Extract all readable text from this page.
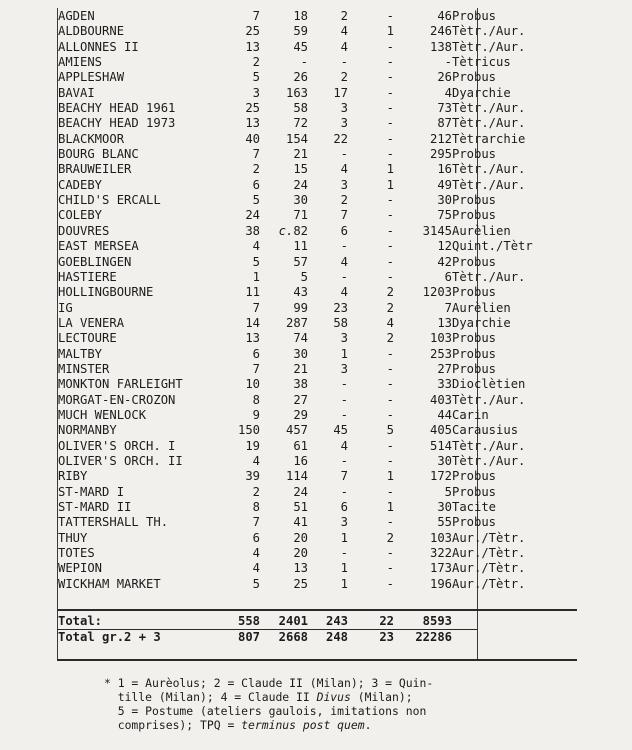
AGDEN	7	18	2	-	46	Probus
ALDBOURNE	25	59	4	1	246	Tètr./Aur.
ALLONNES II	13	45	4	-	138	Tètr./Aur.
AMIENS	2	-	-	-	-	Tètricus
APPLESHAW	5	26	2	-	26	Probus
BAVAI	3	163	17	-	4	Dyarchie
BEACHY HEAD 1961	25	58	3	-	73	Tètr./Aur.
BEACHY HEAD 1973	13	72	3	-	87	Tètr./Aur.
BLACKMOOR	40	154	22	-	212	Tètrarchie
BOURG BLANC	7	21	-	-	295	Probus
BRAUWEILER	2	15	4	1	16	Tètr./Aur.
CADEBY	6	24	3	1	49	Tètr./Aur.
CHILD'S ERCALL	5	30	2	-	30	Probus
COLEBY	24	71	7	-	75	Probus
DOUVRES	38	c.82	6	-	3145	Aurèlien
EAST MERSEA	4	11	-	-	12	Quint./Tètr
GOEBLINGEN	5	57	4	-	42	Probus
HASTIERE	1	5	-	-	6	Tètr./Aur.
HOLLINGBOURNE	11	43	4	2	1203	Probus
IG	7	99	23	2	7	Aurèlien
LA VENERA	14	287	58	4	13	Dyarchie
LECTOURE	13	74	3	2	103	Probus
MALTBY	6	30	1	-	253	Probus
MINSTER	7	21	3	-	27	Probus
MONKTON FARLEIGHT	10	38	-	-	33	Dioclètien
MORGAT-EN-CROZON	8	27	-	-	403	Tètr./Aur.
MUCH WENLOCK	9	29	-	-	44	Carin
NORMANBY	150	457	45	5	405	Carausius
OLIVER'S ORCH. I	19	61	4	-	514	Tètr./Aur.
OLIVER'S ORCH. II	4	16	-	-	30	Tètr./Aur.
RIBY	39	114	7	1	172	Probus
ST-MARD I	2	24	-	-	5	Probus
ST-MARD II	8	51	6	1	30	Tacite
TATTERSHALL TH.	7	41	3	-	55	Probus
THUY	6	20	1	2	103	Aur./Tètr.
TOTES	4	20	-	-	322	Aur./Tètr.
WEPION	4	13	1	-	173	Aur./Tètr.
WICKHAM MARKET	5	25	1	-	196	Aur./Tètr.
Total:	558	2401	243	22	8593
Total gr.2 + 3	807	2668	248	23	22286
* 1 = Aurèolus; 2 = Claude II (Milan); 3 = Quin-
tille (Milan); 4 = Claude II Divus (Milan);
5 = Postume (ateliers gaulois, imitations non
comprises); TPQ = terminus post quem.
